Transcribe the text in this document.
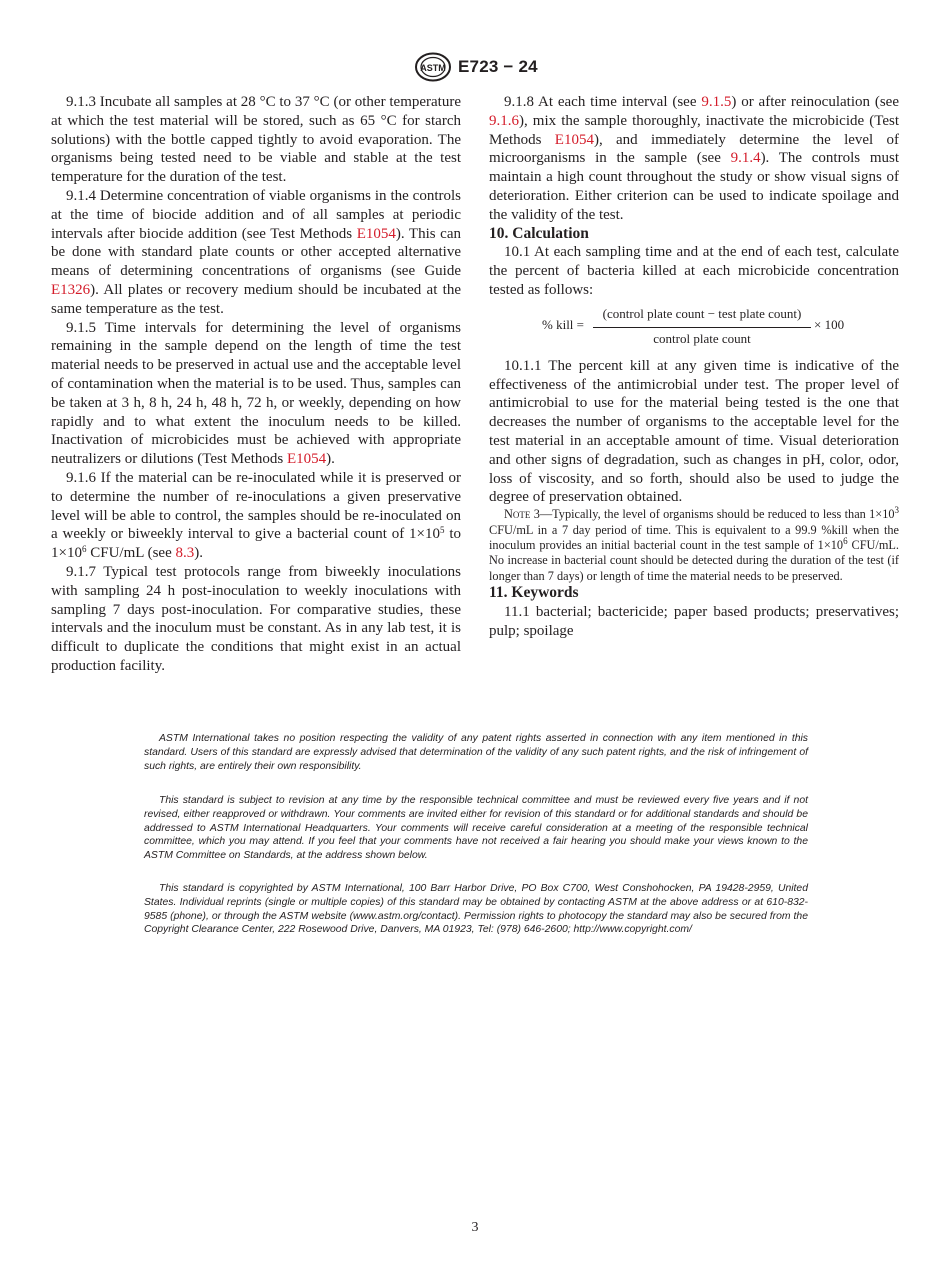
ASTM E723 − 24

9.1.3 Incubate all samples at 28 °C to 37 °C (or other temperature at which the test material will be stored, such as 65 °C for starch solutions) with the bottle capped tightly to avoid evaporation. The organisms being tested need to be viable and stable at the test temperature for the duration of the test.

9.1.4 Determine concentration of viable organisms in the controls at the time of biocide addition and of all samples at periodic intervals after biocide addition (see Test Methods E1054). This can be done with standard plate counts or other accepted alternative means of determining concentrations of organisms (see Guide E1326). All plates or recovery medium should be incubated at the same temperature as the test.

9.1.5 Time intervals for determining the level of organisms remaining in the sample depend on the length of time the test material needs to be preserved in actual use and the acceptable level of contamination when the material is to be used. Thus, samples can be taken at 3 h, 8 h, 24 h, 48 h, 72 h, or weekly, depending on how rapidly and to what extent the inoculum needs to be killed. Inactivation of microbicides must be achieved with appropriate neutralizers or dilutions (Test Methods E1054).

9.1.6 If the material can be re-inoculated while it is preserved or to determine the number of re-inoculations a given preservative level will be able to control, the samples should be re-inoculated on a weekly or biweekly interval to give a bacterial count of $1\times 10^5$ to $1\times 10^6$ CFU/mL (see 8.3).

9.1.7 Typical test protocols range from biweekly inoculations with sampling 24 h post-inoculation to weekly inoculations with sampling 7 days post-inoculation. For comparative studies, these intervals and the inoculum must be constant. As in any lab test, it is difficult to duplicate the conditions that might exist in an actual production facility.

9.1.8 At each time interval (see 9.1.5) or after reinoculation (see 9.1.6), mix the sample thoroughly, inactivate the microbicide (Test Methods E1054), and immediately determine the level of microorganisms in the sample (see 9.1.4). The controls must maintain a high count throughout the study or show visual signs of deterioration. Either criterion can be used to indicate spoilage and the validity of the test.

10. Calculation

10.1 At each sampling time and at the end of each test, calculate the percent of bacteria killed at each microbicide concentration tested as follows:

% kill =
(control plate count − test plate count)
control plate count
× 100

10.1.1 The percent kill at any given time is indicative of the effectiveness of the antimicrobial under test. The proper level of antimicrobial to use for the material being tested is the one that decreases the number of organisms to the acceptable level for the test material in an acceptable amount of time. Visual deterioration and other signs of degradation, such as changes in pH, color, odor, loss of viscosity, and so forth, should also be used to judge the degree of preservation obtained.

Note 3—Typically, the level of organisms should be reduced to less than $1\times 10^3$ CFU/mL in a 7 day period of time. This is equivalent to a 99.9 %kill when the inoculum provides an initial bacterial count in the test sample of $1\times 10^6$ CFU/mL. No increase in bacterial count should be detected during the duration of the test (if longer than 7 days) or length of time the material needs to be preserved.

11. Keywords

11.1 bacterial; bactericide; paper based products; preservatives; pulp; spoilage

ASTM International takes no position respecting the validity of any patent rights asserted in connection with any item mentioned in this standard. Users of this standard are expressly advised that determination of the validity of any such patent rights, and the risk of infringement of such rights, are entirely their own responsibility.

This standard is subject to revision at any time by the responsible technical committee and must be reviewed every five years and if not revised, either reapproved or withdrawn. Your comments are invited either for revision of this standard or for additional standards and should be addressed to ASTM International Headquarters. Your comments will receive careful consideration at a meeting of the responsible technical committee, which you may attend. If you feel that your comments have not received a fair hearing you should make your views known to the ASTM Committee on Standards, at the address shown below.

This standard is copyrighted by ASTM International, 100 Barr Harbor Drive, PO Box C700, West Conshohocken, PA 19428-2959, United States. Individual reprints (single or multiple copies) of this standard may be obtained by contacting ASTM at the above address or at 610-832-9585 (phone), or through the ASTM website (www.astm.org/contact). Permission rights to photocopy the standard may also be secured from the Copyright Clearance Center, 222 Rosewood Drive, Danvers, MA 01923, Tel: (978) 646-2600; http://www.copyright.com/

3
